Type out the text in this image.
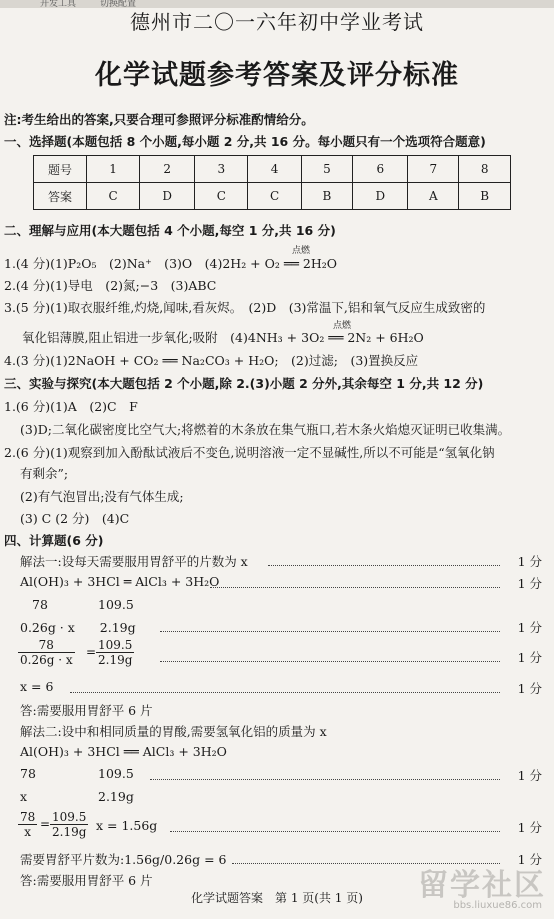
开发工具	切换配置
德州市二〇一六年初中学业考试
化学试题参考答案及评分标准
注:考生给出的答案,只要合理可参照评分标准酌情给分。
一、选择题(本题包括 8 个小题,每小题 2 分,共 16 分。每小题只有一个选项符合题意)
题号	1	2	3	4	5	6	7	8
答案	C	D	C	C	B	D	A	B
二、理解与应用(本大题包括 4 个小题,每空 1 分,共 16 分)
点燃
1.(4 分)(1)P₂O₅　(2)Na⁺　(3)O　(4)2H₂ + O₂ ══ 2H₂O
2.(4 分)(1)导电　(2)氮;−3　(3)ABC
3.(5 分)(1)取衣服纤维,灼烧,闻味,看灰烬。　(2)D　(3)常温下,铝和氧气反应生成致密的
点燃
氧化铝薄膜,阻止铝进一步氧化;吸附　(4)4NH₃ + 3O₂ ══ 2N₂ + 6H₂O
4.(3 分)(1)2NaOH + CO₂ ══ Na₂CO₃ + H₂O;　(2)过滤;　(3)置换反应
三、实验与探究(本大题包括 2 个小题,除 2.(3)小题 2 分外,其余每空 1 分,共 12 分)
1.(6 分)(1)A　(2)C　F
(3)D;二氧化碳密度比空气大;将燃着的木条放在集气瓶口,若木条火焰熄灭证明已收集满。
2.(6 分)(1)观察到加入酚酞试液后不变色,说明溶液一定不显碱性,所以不可能是“氢氧化钠
有剩余”;
(2)有气泡冒出;没有气体生成;
(3) C (2 分)　(4)C
四、计算题(6 分)
解法一:设每天需要服用胃舒平的片数为 x	1 分
Al(OH)₃ + 3HCl ═ AlCl₃ + 3H₂O	1 分
78	109.5
0.26g · x　　2.19g	1 分
$\frac{78}{0.26g \cdot x} = \frac{109.5}{2.19g}$	1 分
x = 6	1 分
答:需要服用胃舒平 6 片
解法二:设中和相同质量的胃酸,需要氢氧化铝的质量为 x
Al(OH)₃ + 3HCl ══ AlCl₃ + 3H₂O
78	109.5	1 分
x	2.19g
$\frac{78}{x} = \frac{109.5}{2.19g}$ x = 1.56g	1 分
需要胃舒平片数为:1.56g/0.26g = 6	1 分
答:需要服用胃舒平 6 片
化学试题答案　第 1 页(共 1 页)	留学社区
bbs.liuxue86.com
